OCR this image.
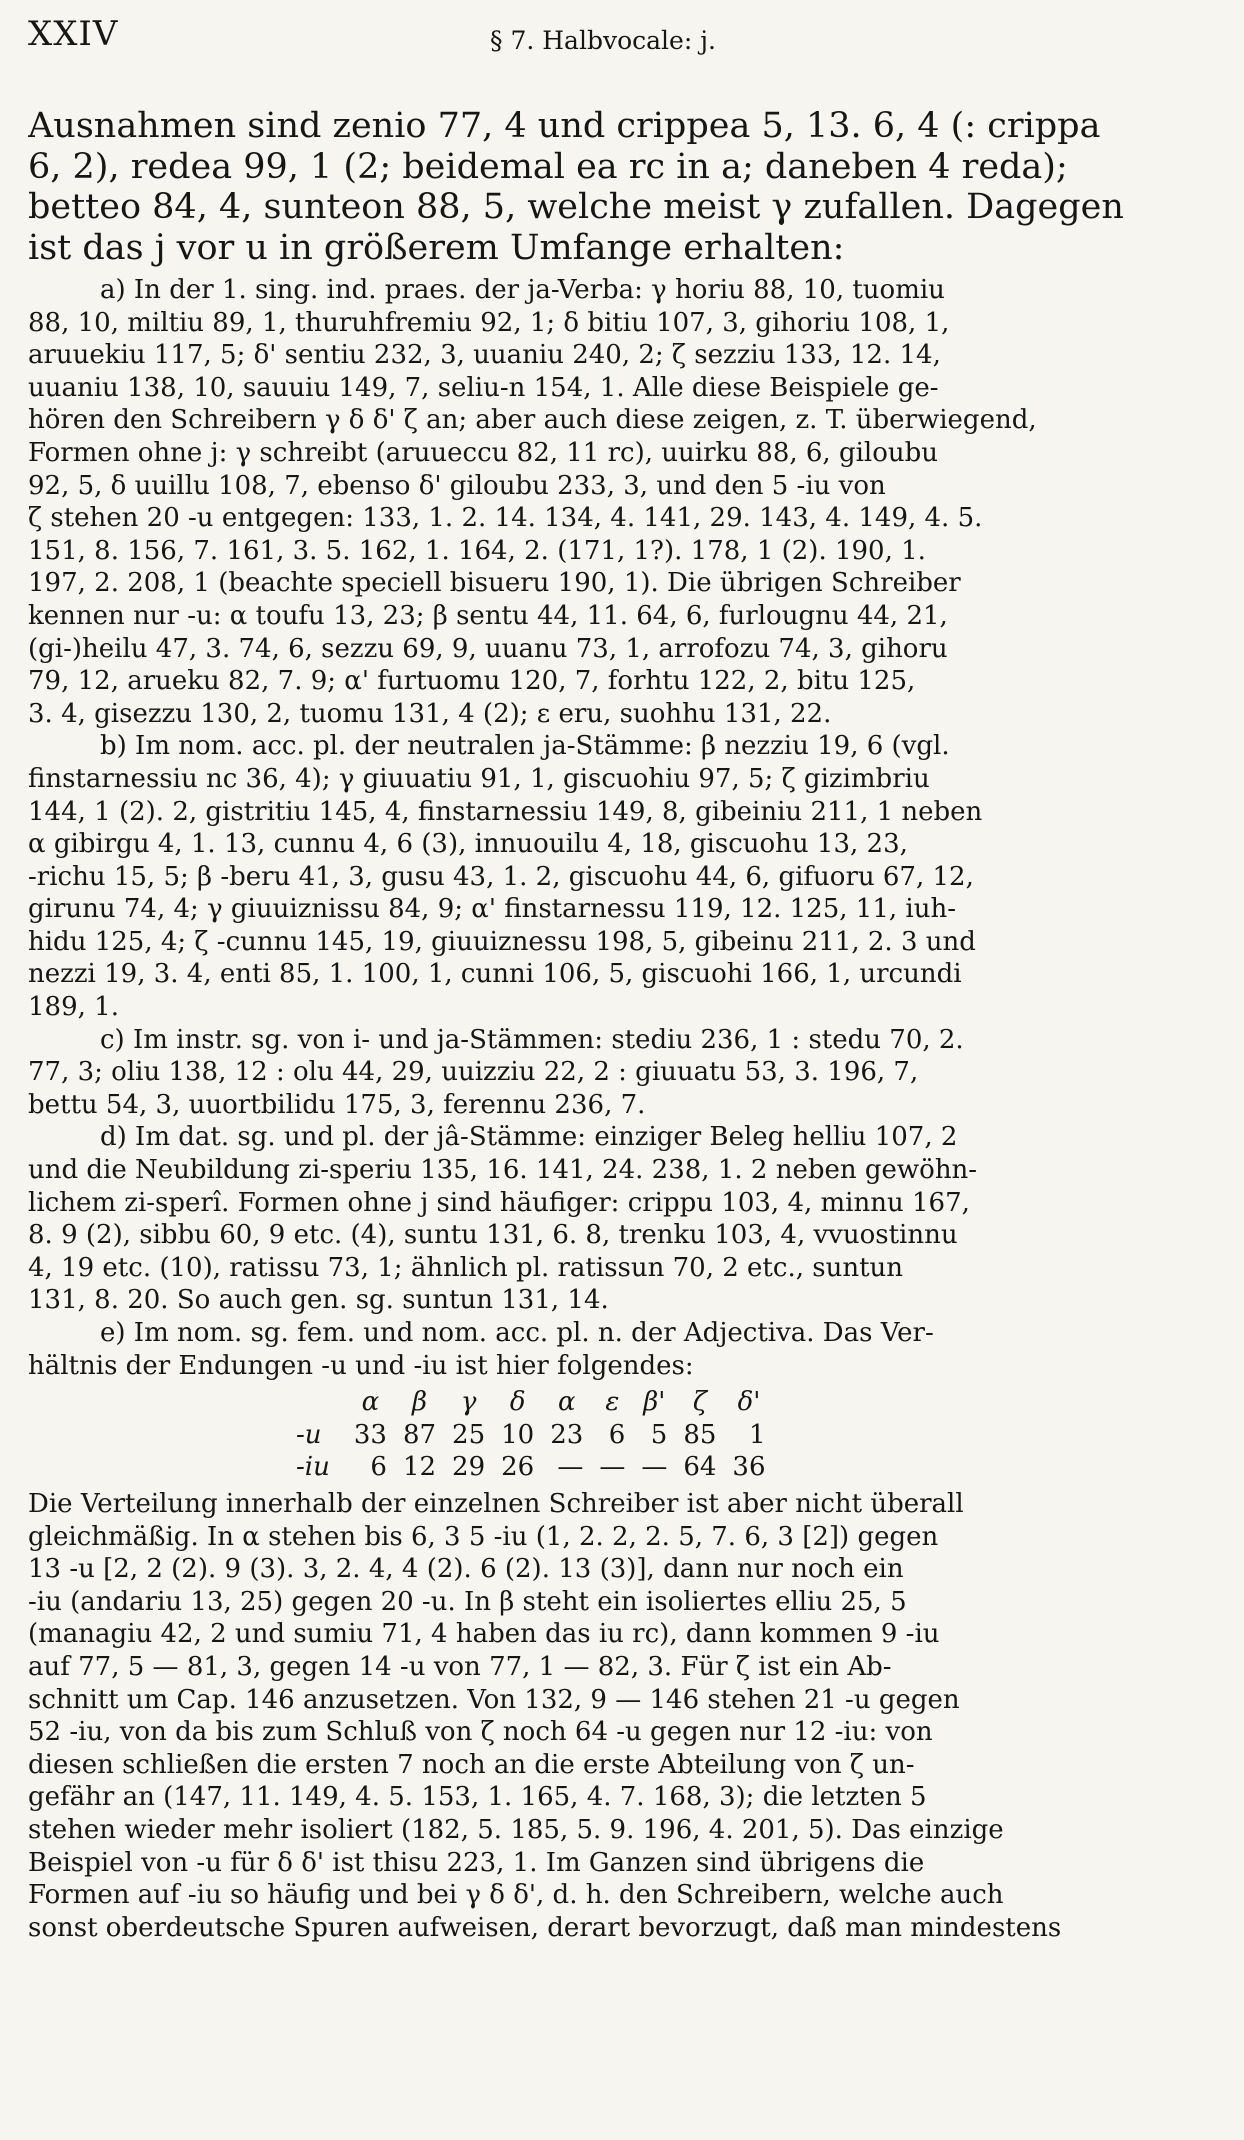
XXIV	§ 7. Halbvocale: j.
Ausnahmen sind zenio 77, 4 und crippea 5, 13. 6, 4 (: crippa
6, 2), redea 99, 1 (2; beidemal ea rc in a; daneben 4 reda);
betteo 84, 4, sunteon 88, 5, welche meist γ zufallen. Dagegen
ist das j vor u in größerem Umfange erhalten:
a) In der 1. sing. ind. praes. der ja-Verba: γ horiu 88, 10, tuomiu
88, 10, miltiu 89, 1, thuruhfremiu 92, 1; δ bitiu 107, 3, gihoriu 108, 1,
aruuekiu 117, 5; δ' sentiu 232, 3, uuaniu 240, 2; ζ sezziu 133, 12. 14,
uuaniu 138, 10, sauuiu 149, 7, seliu-n 154, 1. Alle diese Beispiele ge-
hören den Schreibern γ δ δ' ζ an; aber auch diese zeigen, z. T. überwiegend,
Formen ohne j: γ schreibt (aruueccu 82, 11 rc), uuirku 88, 6, giloubu
92, 5, δ uuillu 108, 7, ebenso δ' giloubu 233, 3, und den 5 -iu von
ζ stehen 20 -u entgegen: 133, 1. 2. 14. 134, 4. 141, 29. 143, 4. 149, 4. 5.
151, 8. 156, 7. 161, 3. 5. 162, 1. 164, 2. (171, 1?). 178, 1 (2). 190, 1.
197, 2. 208, 1 (beachte speciell bisueru 190, 1). Die übrigen Schreiber
kennen nur -u: α toufu 13, 23; β sentu 44, 11. 64, 6, furlougnu 44, 21,
(gi-)heilu 47, 3. 74, 6, sezzu 69, 9, uuanu 73, 1, arrofozu 74, 3, gihoru
79, 12, arueku 82, 7. 9; α' furtuomu 120, 7, forhtu 122, 2, bitu 125,
3. 4, gisezzu 130, 2, tuomu 131, 4 (2); ε eru, suohhu 131, 22.
b) Im nom. acc. pl. der neutralen ja-Stämme: β nezziu 19, 6 (vgl.
finstarnessiu nc 36, 4); γ giuuatiu 91, 1, giscuohiu 97, 5; ζ gizimbriu
144, 1 (2). 2, gistritiu 145, 4, finstarnessiu 149, 8, gibeiniu 211, 1 neben
α gibirgu 4, 1. 13, cunnu 4, 6 (3), innuouilu 4, 18, giscuohu 13, 23,
-richu 15, 5; β -beru 41, 3, gusu 43, 1. 2, giscuohu 44, 6, gifuoru 67, 12,
girunu 74, 4; γ giuuiznissu 84, 9; α' finstarnessu 119, 12. 125, 11, iuh-
hidu 125, 4; ζ -cunnu 145, 19, giuuiznessu 198, 5, gibeinu 211, 2. 3 und
nezzi 19, 3. 4, enti 85, 1. 100, 1, cunni 106, 5, giscuohi 166, 1, urcundi
189, 1.
c) Im instr. sg. von i- und ja-Stämmen: stediu 236, 1 : stedu 70, 2.
77, 3; oliu 138, 12 : olu 44, 29, uuizziu 22, 2 : giuuatu 53, 3. 196, 7,
bettu 54, 3, uuortbilidu 175, 3, ferennu 236, 7.
d) Im dat. sg. und pl. der jâ-Stämme: einziger Beleg helliu 107, 2
und die Neubildung zi-speriu 135, 16. 141, 24. 238, 1. 2 neben gewöhn-
lichem zi-sperî. Formen ohne j sind häufiger: crippu 103, 4, minnu 167,
8. 9 (2), sibbu 60, 9 etc. (4), suntu 131, 6. 8, trenku 103, 4, vvuostinnu
4, 19 etc. (10), ratissu 73, 1; ähnlich pl. ratissun 70, 2 etc., suntun
131, 8. 20. So auch gen. sg. suntun 131, 14.
e) Im nom. sg. fem. und nom. acc. pl. n. der Adjectiva. Das Ver-
hältnis der Endungen -u und -iu ist hier folgendes:
	α	β	γ	δ	α	ε	β'	ζ	δ'
-u	33	87	25	10	23	6	5	85	1
-iu	6	12	29	26	—	—	—	64	36
Die Verteilung innerhalb der einzelnen Schreiber ist aber nicht überall
gleichmäßig. In α stehen bis 6, 3 5 -iu (1, 2. 2, 2. 5, 7. 6, 3 [2]) gegen
13 -u [2, 2 (2). 9 (3). 3, 2. 4, 4 (2). 6 (2). 13 (3)], dann nur noch ein
-iu (andariu 13, 25) gegen 20 -u. In β steht ein isoliertes elliu 25, 5
(managiu 42, 2 und sumiu 71, 4 haben das iu rc), dann kommen 9 -iu
auf 77, 5 — 81, 3, gegen 14 -u von 77, 1 — 82, 3. Für ζ ist ein Ab-
schnitt um Cap. 146 anzusetzen. Von 132, 9 — 146 stehen 21 -u gegen
52 -iu, von da bis zum Schluß von ζ noch 64 -u gegen nur 12 -iu: von
diesen schließen die ersten 7 noch an die erste Abteilung von ζ un-
gefähr an (147, 11. 149, 4. 5. 153, 1. 165, 4. 7. 168, 3); die letzten 5
stehen wieder mehr isoliert (182, 5. 185, 5. 9. 196, 4. 201, 5). Das einzige
Beispiel von -u für δ δ' ist thisu 223, 1. Im Ganzen sind übrigens die
Formen auf -iu so häufig und bei γ δ δ', d. h. den Schreibern, welche auch
sonst oberdeutsche Spuren aufweisen, derart bevorzugt, daß man mindestens
